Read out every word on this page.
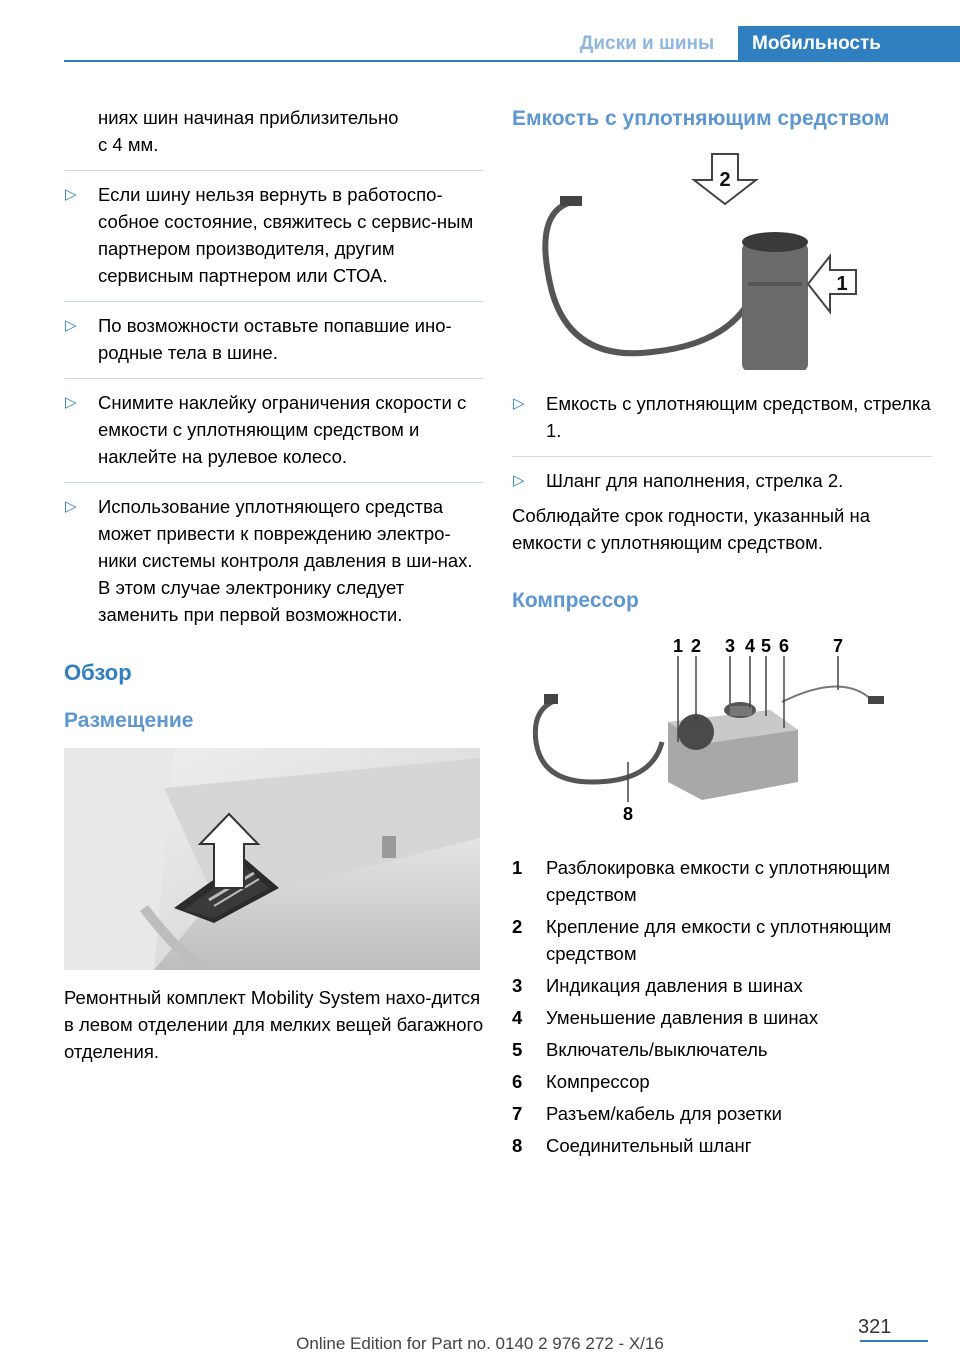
Диски и шины	Мобильность

ниях шин начиная приблизительно

с 4 мм.

▷ Если шину нельзя вернуть в работоспо-собное состояние, свяжитесь с сервис-ным партнером производителя, другим сервисным партнером или СТОА.

▷ По возможности оставьте попавшие ино-родные тела в шине.

▷ Снимите наклейку ограничения скорости с емкости с уплотняющим средством и наклейте на рулевое колесо.

▷ Использование уплотняющего средства может привести к повреждению электро-ники системы контроля давления в ши-нах. В этом случае электронику следует заменить при первой возможности.

Обзор
Размещение

Ремонтный комплект Mobility System нахо-дится в левом отделении для мелких вещей багажного отделения.

Емкость с уплотняющим средством
2
1

▷ Емкость с уплотняющим средством, стрелка 1.

▷ Шланг для наполнения, стрелка 2.

Соблюдайте срок годности, указанный на емкости с уплотняющим средством.

Компрессор
1 2 3 4 5 6 7
8
1 Разблокировка емкости с уплотняющим средством
2 Крепление для емкости с уплотняющим средством
3 Индикация давления в шинах
4 Уменьшение давления в шинах
5 Включатель/выключатель
6 Компрессор
7 Разъем/кабель для розетки
8 Соединительный шланг
321
Online Edition for Part no. 0140 2 976 272 - X/16
